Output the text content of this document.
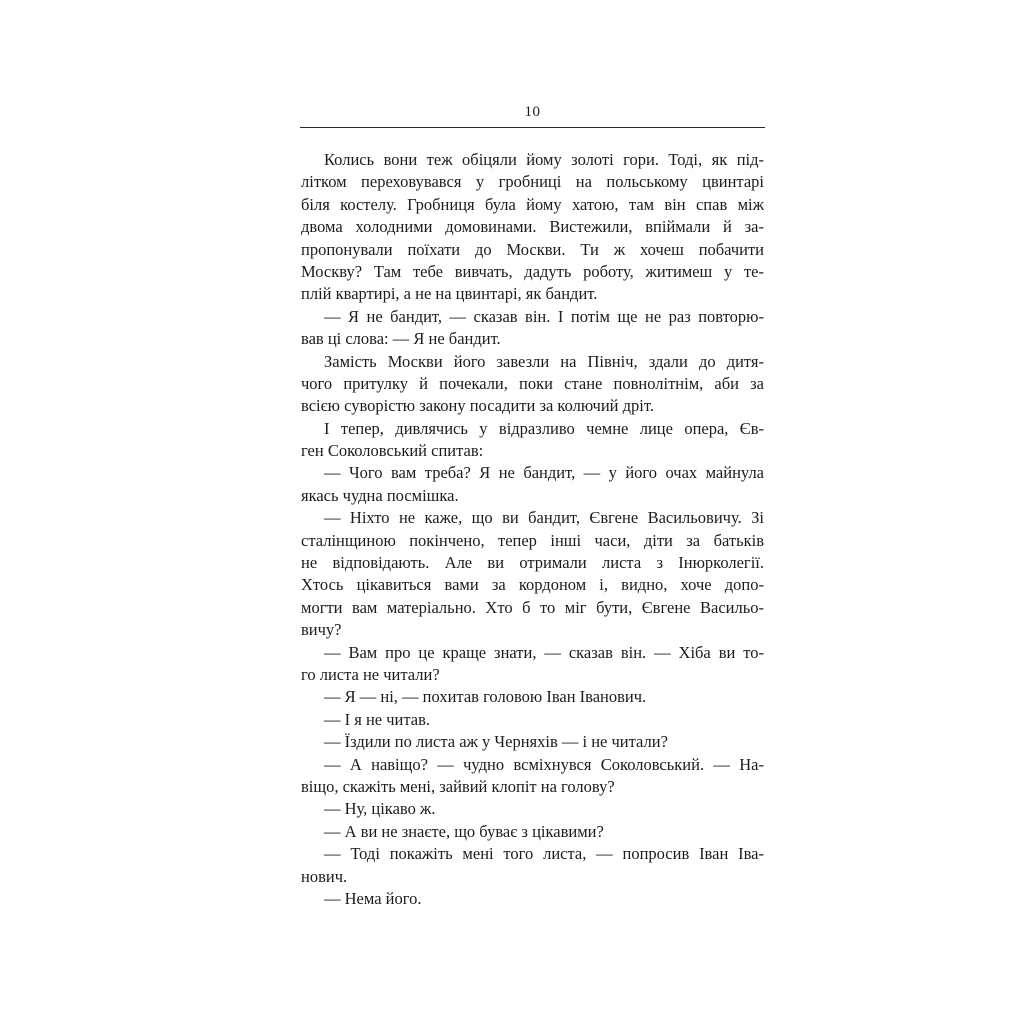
10
Колись вони теж обіцяли йому золоті гори. Тоді, як під-
літком переховувався у гробниці на польському цвинтарі
біля костелу. Гробниця була йому хатою, там він спав між
двома холодними домовинами. Вистежили, впіймали й за-
пропонували поїхати до Москви. Ти ж хочеш побачити
Москву? Там тебе вивчать, дадуть роботу, житимеш у те-
плій квартирі, а не на цвинтарі, як бандит.
— Я не бандит, — сказав він. І потім ще не раз повторю-
вав ці слова: — Я не бандит.
Замість Москви його завезли на Північ, здали до дитя-
чого притулку й почекали, поки стане повнолітнім, аби за
всією суворістю закону посадити за колючий дріт.
І тепер, дивлячись у відразливо чемне лице опера, Єв-
ген Соколовський спитав:
— Чого вам треба? Я не бандит, — у його очах майнула
якась чудна посмішка.
— Ніхто не каже, що ви бандит, Євгене Васильовичу. Зі
сталінщиною покінчено, тепер інші часи, діти за батьків
не відповідають. Але ви отримали листа з Інюрколегії.
Хтось цікавиться вами за кордоном і, видно, хоче допо-
могти вам матеріально. Хто б то міг бути, Євгене Васильо-
вичу?
— Вам про це краще знати, — сказав він. — Хіба ви то-
го листа не читали?
— Я — ні, — похитав головою Іван Іванович.
— І я не читав.
— Їздили по листа аж у Черняхів — і не читали?
— А навіщо? — чудно всміхнувся Соколовський. — На-
віщо, скажіть мені, зайвий клопіт на голову?
— Ну, цікаво ж.
— А ви не знаєте, що буває з цікавими?
— Тоді покажіть мені того листа, — попросив Іван Іва-
нович.
— Нема його.
